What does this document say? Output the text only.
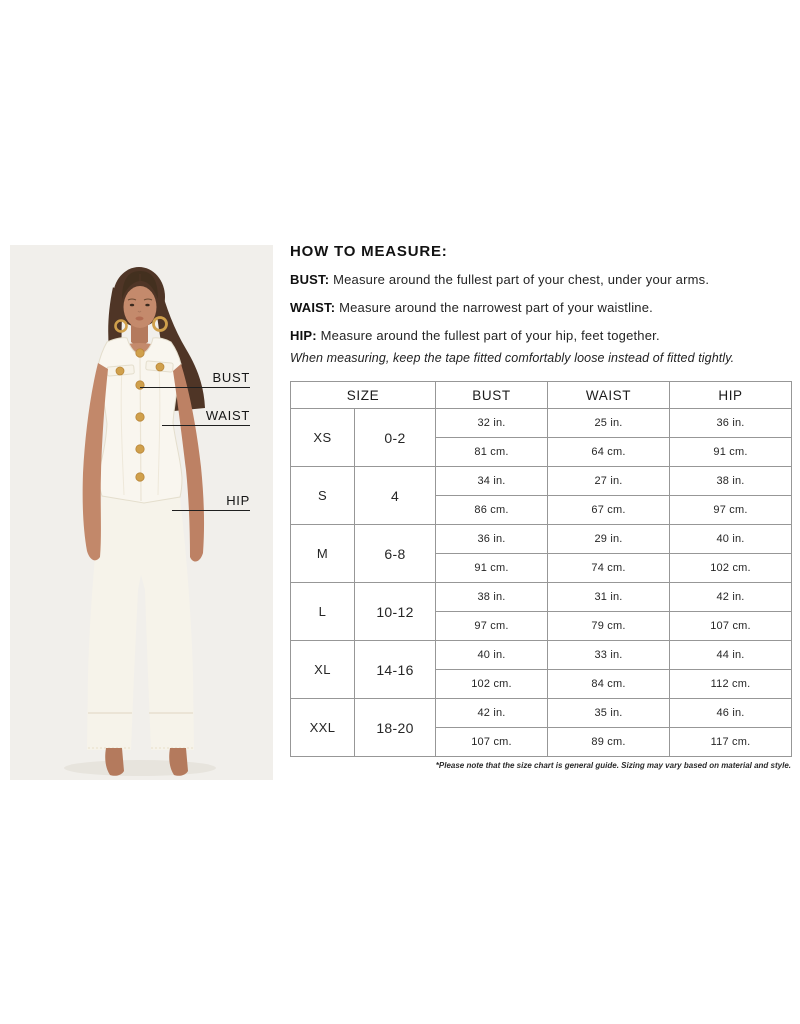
BUST
WAIST
HIP
HOW TO MEASURE:

BUST: Measure around the fullest part of your chest, under your arms.

WAIST: Measure around the narrowest part of your waistline.

HIP: Measure around the fullest part of your hip, feet together.

When measuring, keep the tape fitted comfortably loose instead of fitted tightly.

SIZE		BUST	WAIST	HIP
XS	0-2	32 in.	25 in.	36 in.
		81 cm.	64 cm.	91 cm.
S	4	34 in.	27 in.	38 in.
		86 cm.	67 cm.	97 cm.
M	6-8	36 in.	29 in.	40 in.
		91 cm.	74 cm.	102 cm.
L	10-12	38 in.	31 in.	42 in.
		97 cm.	79 cm.	107 cm.
XL	14-16	40 in.	33 in.	44 in.
		102 cm.	84 cm.	112 cm.
XXL	18-20	42 in.	35 in.	46 in.
		107 cm.	89 cm.	117 cm.

*Please note that the size chart is general guide. Sizing may vary based on material and style.
